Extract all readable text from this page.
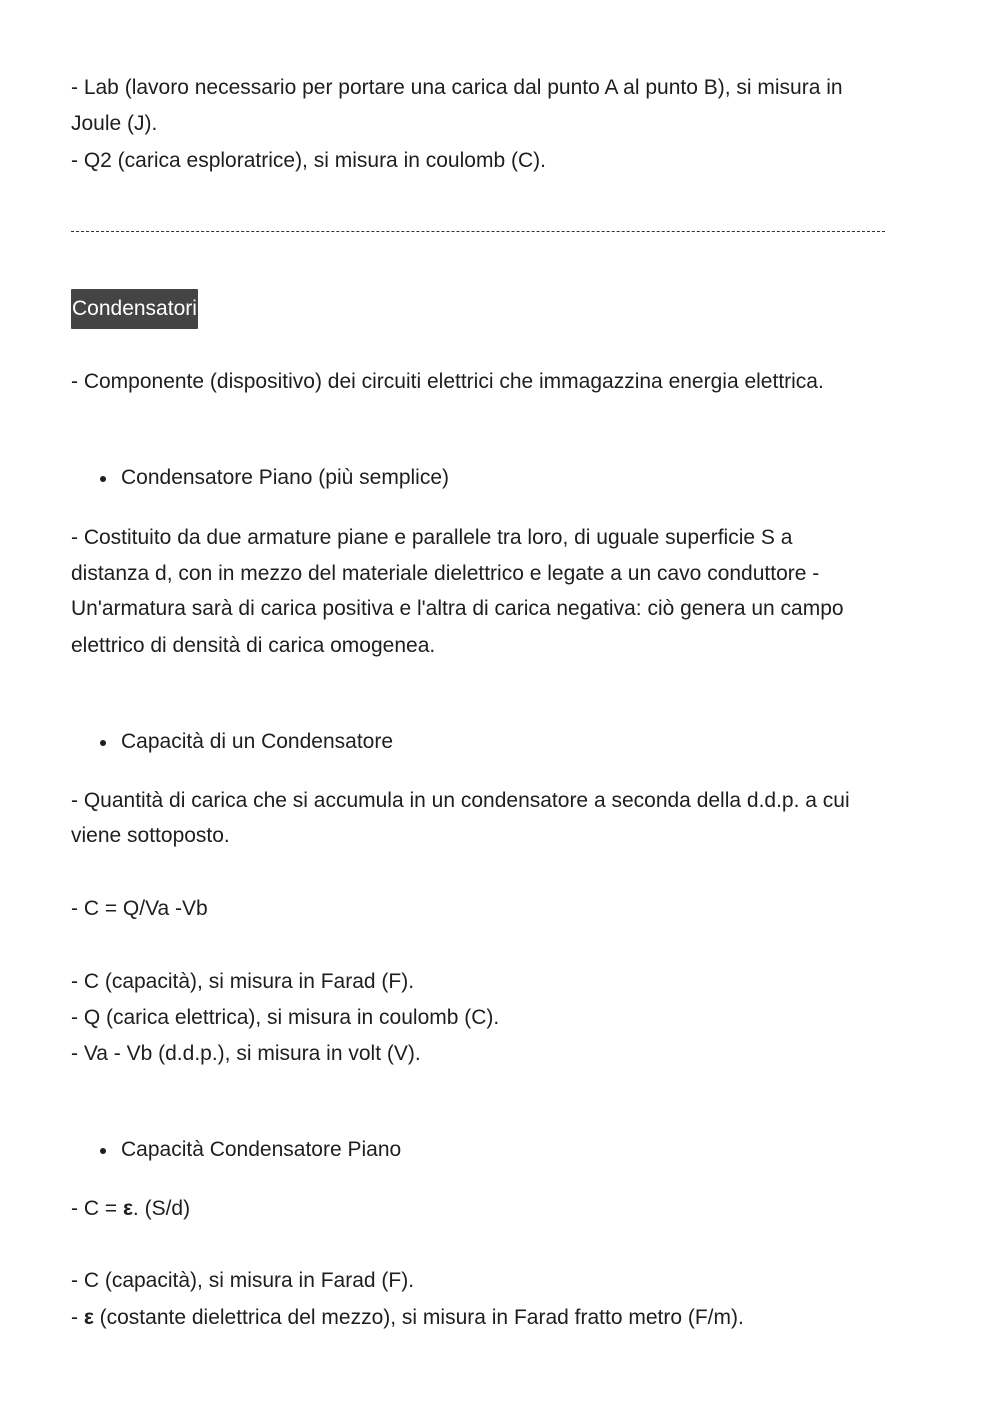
- Lab (lavoro necessario per portare una carica dal punto A al punto B), si misura in
Joule (J).
- Q2 (carica esploratrice), si misura in coulomb (C).
Condensatori
- Componente (dispositivo) dei circuiti elettrici che immagazzina energia elettrica.
Condensatore Piano (più semplice)
- Costituito da due armature piane e parallele tra loro, di uguale superficie S a
distanza d, con in mezzo del materiale dielettrico e legate a un cavo conduttore -
Un'armatura sarà di carica positiva e l'altra di carica negativa: ciò genera un campo
elettrico di densità di carica omogenea.
Capacità di un Condensatore
- Quantità di carica che si accumula in un condensatore a seconda della d.d.p. a cui
viene sottoposto.
- C = Q/Va -Vb
- C (capacità), si misura in Farad (F).
- Q (carica elettrica), si misura in coulomb (C).
- Va - Vb (d.d.p.), si misura in volt (V).
Capacità Condensatore Piano
- C = ε. (S/d)
- C (capacità), si misura in Farad (F).
- ε (costante dielettrica del mezzo), si misura in Farad fratto metro (F/m).
